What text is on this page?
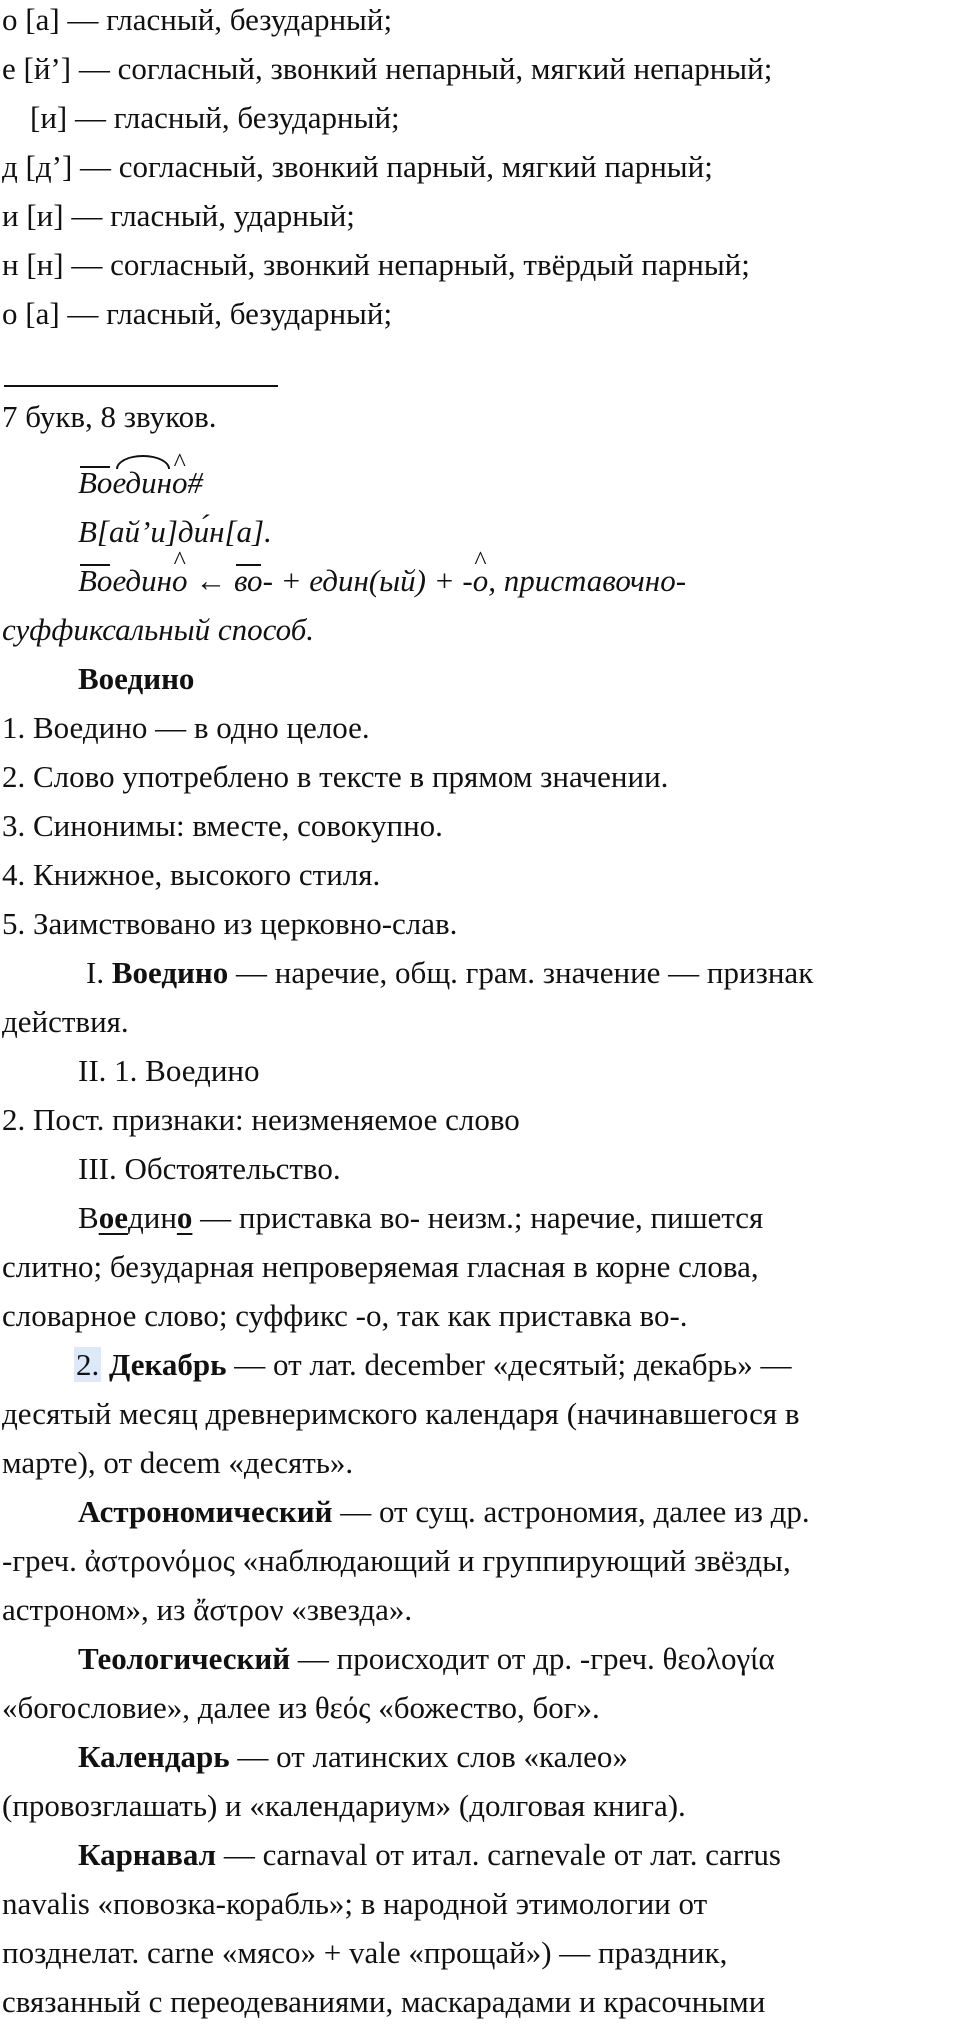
о [а] — гласный, безударный;
е [й’] — согласный, звонкий непарный, мягкий непарный;
[и] — гласный, безударный;
д [д’] — согласный, звонкий парный, мягкий парный;
и [и] — гласный, ударный;
н [н] — согласный, звонкий непарный, твёрдый парный;
о [а] — гласный, безударный;
7 букв, 8 звуков.
Воедин^ о#
В[ай’и]ди́н[а].
Воедин^ о ← во- + един(ый) + -^ о, приставочно-
суффиксальный способ.
Воедино
1. Воедино — в одно целое.
2. Слово употреблено в тексте в прямом значении.
3. Синонимы: вместе, совокупно.
4. Книжное, высокого стиля.
5. Заимствовано из церковно-слав.
I. Воедино — наречие, общ. грам. значение — признак
действия.
II. 1. Воедино
2. Пост. признаки: неизменяемое слово
III. Обстоятельство.
Воедино — приставка во- неизм.; наречие, пишется
слитно; безударная непроверяемая гласная в корне слова,
словарное слово; суффикс -о, так как приставка во-.
2. Декабрь — от лат. december «десятый; декабрь» —
десятый месяц древнеримского календаря (начинавшегося в
марте), от decem «десять».
Астрономический — от сущ. астрономия, далее из др.
-греч. ἀστρονόμος «наблюдающий и группирующий звёзды,
астроном», из ἄστρον «звезда».
Теологический — происходит от др. -греч. θεολογία
«богословие», далее из θεός «божество, бог».
Календарь — от латинских слов «калео»
(провозглашать) и «календариум» (долговая книга).
Карнавал — carnaval от итал. carnevale от лат. carrus
navalis «повозка-корабль»; в народной этимологии от
позднелат. carne «мясо» + vale «прощай») — праздник,
связанный с переодеваниями, маскарадами и красочными
